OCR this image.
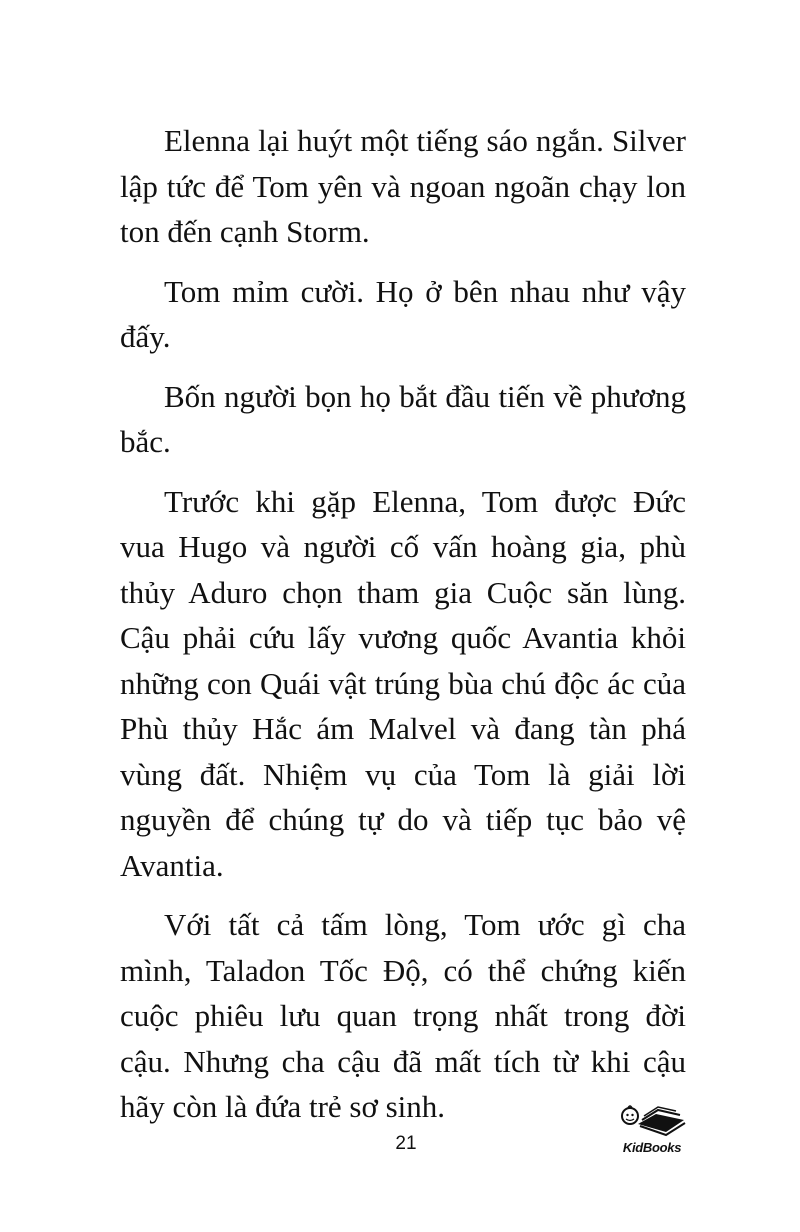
Elenna lại huýt một tiếng sáo ngắn. Silver lập tức để Tom yên và ngoan ngoãn chạy lon ton đến cạnh Storm.

Tom mỉm cười. Họ ở bên nhau như vậy đấy.

Bốn người bọn họ bắt đầu tiến về phương bắc.

Trước khi gặp Elenna, Tom được Đức vua Hugo và người cố vấn hoàng gia, phù thủy Aduro chọn tham gia Cuộc săn lùng. Cậu phải cứu lấy vương quốc Avantia khỏi những con Quái vật trúng bùa chú độc ác của Phù thủy Hắc ám Malvel và đang tàn phá vùng đất. Nhiệm vụ của Tom là giải lời nguyền để chúng tự do và tiếp tục bảo vệ Avantia.

Với tất cả tấm lòng, Tom ước gì cha mình, Taladon Tốc Độ, có thể chứng kiến cuộc phiêu lưu quan trọng nhất trong đời cậu. Nhưng cha cậu đã mất tích từ khi cậu hãy còn là đứa trẻ sơ sinh.

21	KidBooks
